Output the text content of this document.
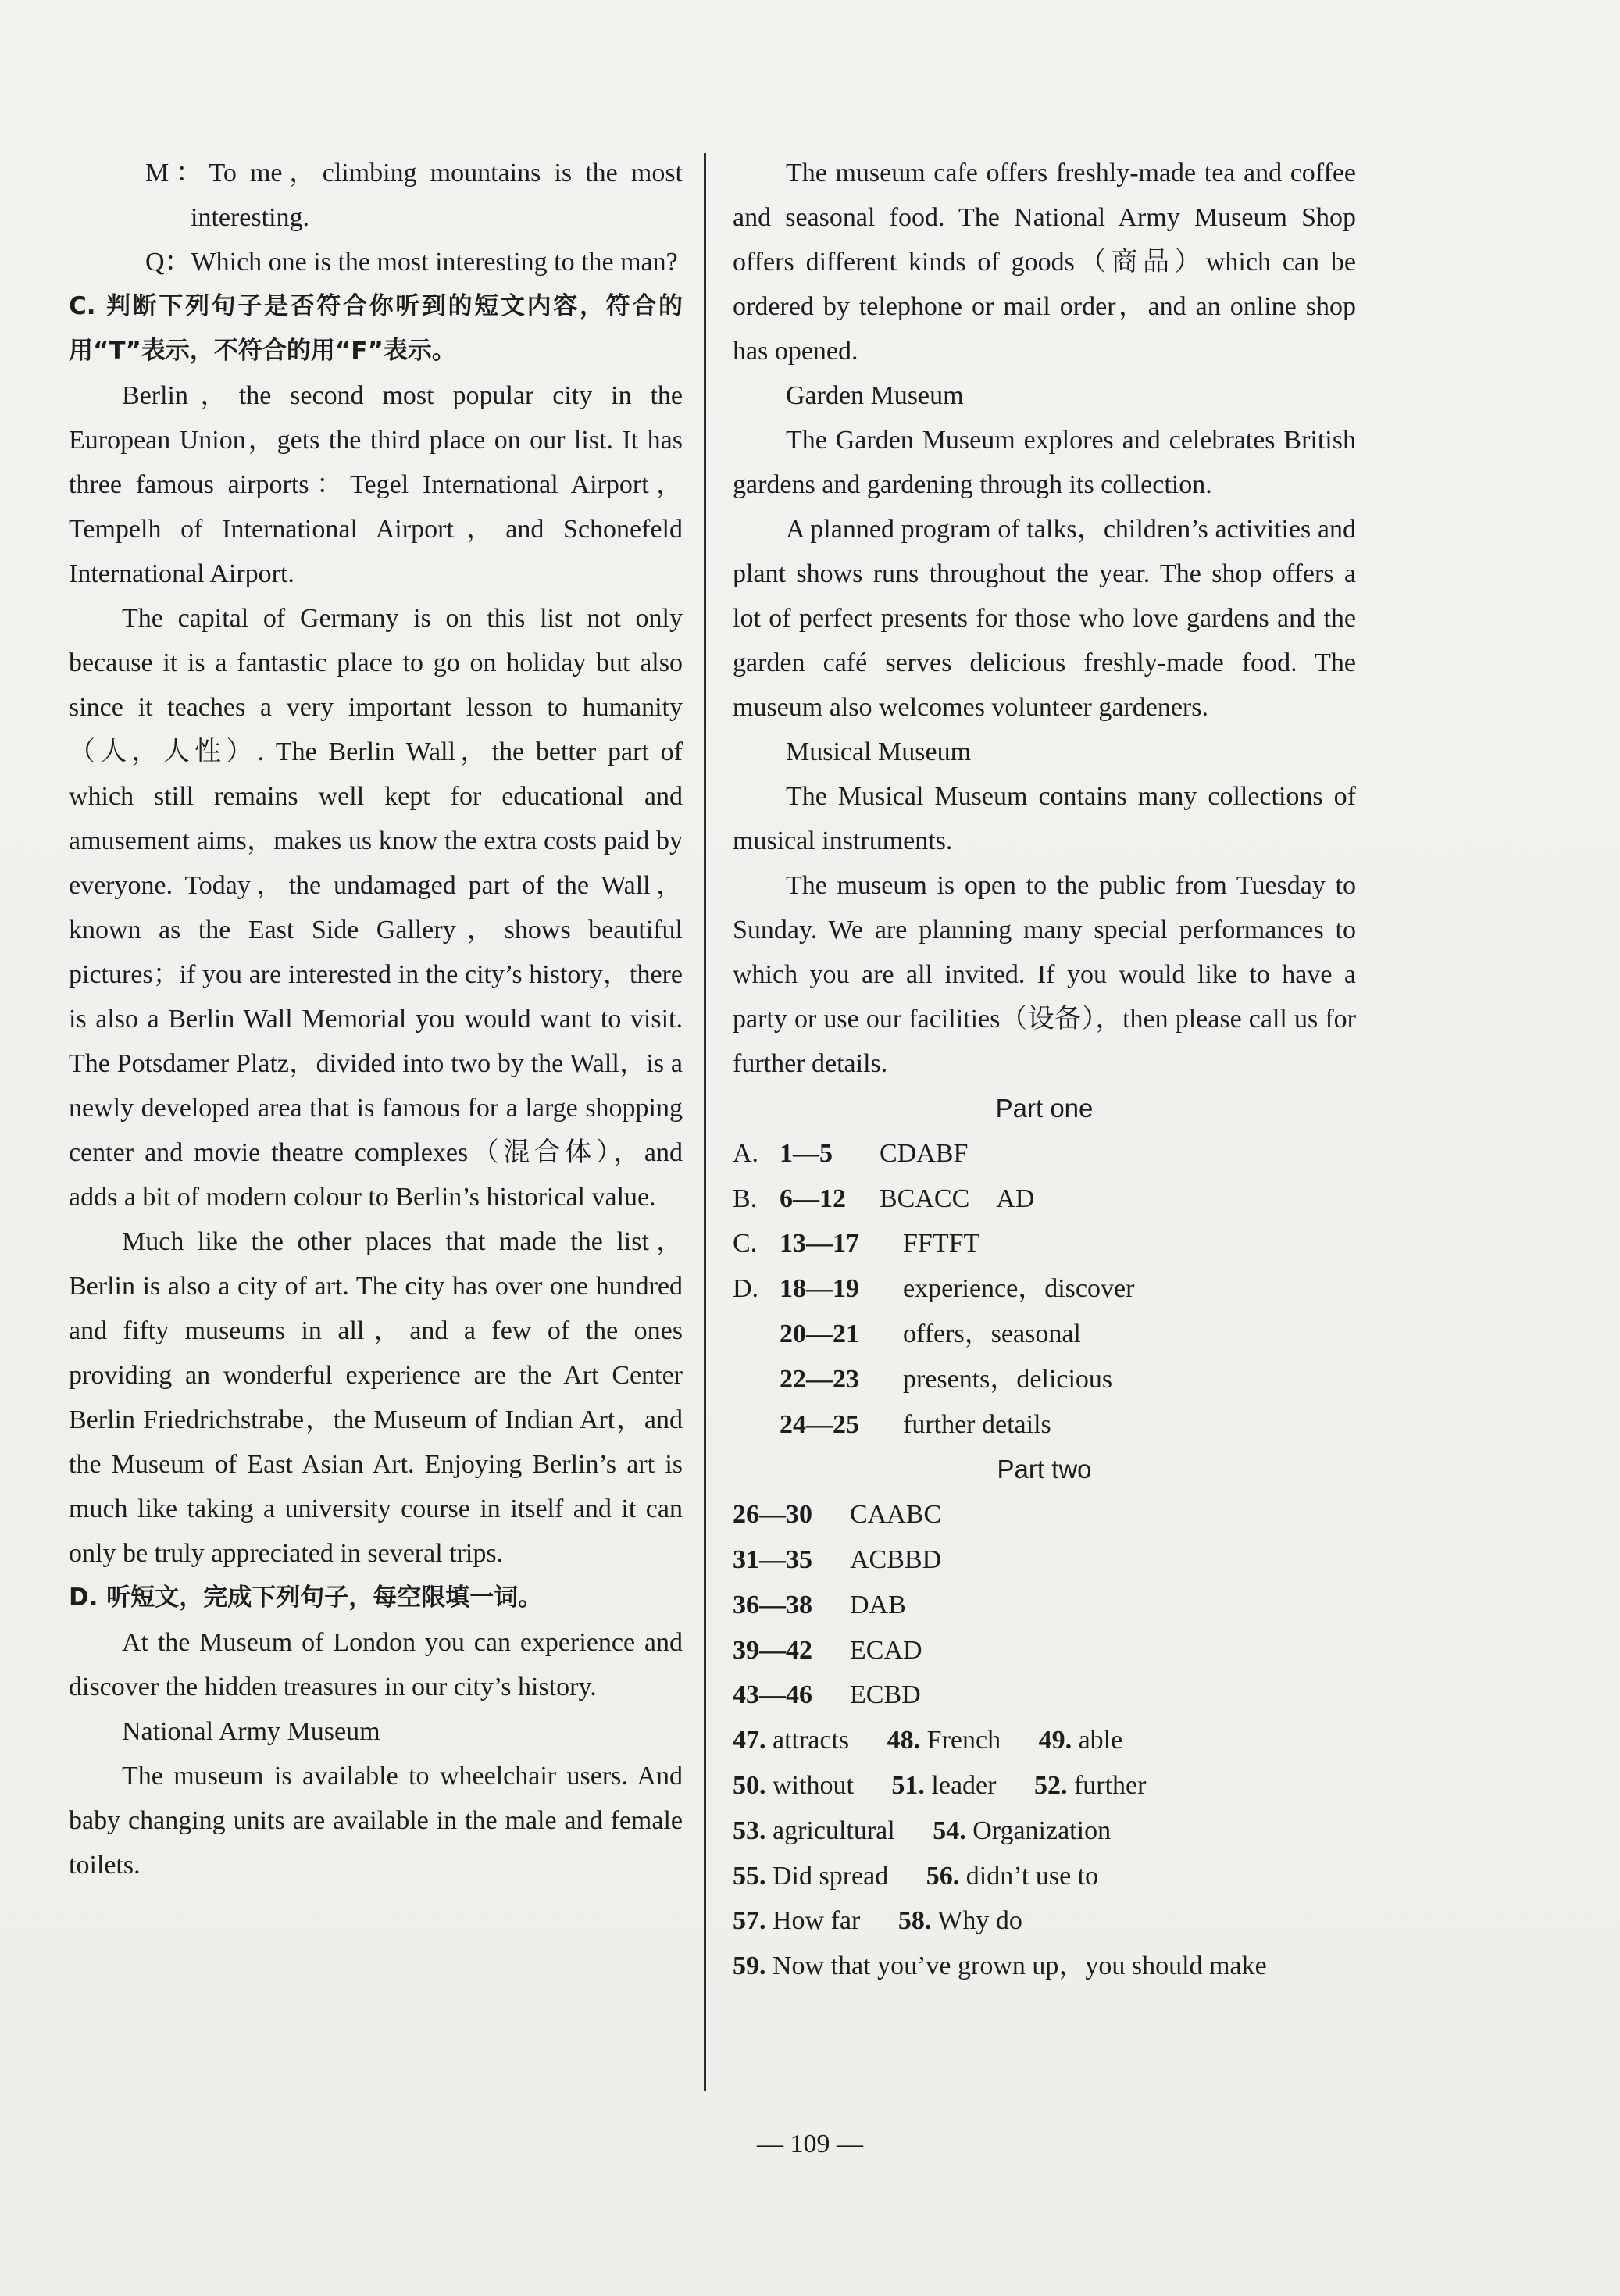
M：To me，climbing mountains is the most interesting.

Q：Which one is the most interesting to the man?

C. 判断下列句子是否符合你听到的短文内容，符合的用“T”表示，不符合的用“F”表示。

Berlin，the second most popular city in the European Union，gets the third place on our list. It has three famous airports：Tegel International Airport，Tempelh of International Airport，and Schonefeld International Airport.

The capital of Germany is on this list not only because it is a fantastic place to go on holiday but also since it teaches a very important lesson to humanity（人，人性）. The Berlin Wall，the better part of which still remains well kept for educational and amusement aims，makes us know the extra costs paid by everyone. Today，the undamaged part of the Wall，known as the East Side Gallery，shows beautiful pictures；if you are interested in the city’s history，there is also a Berlin Wall Memorial you would want to visit. The Potsdamer Platz，divided into two by the Wall，is a newly developed area that is famous for a large shopping center and movie theatre complexes（混合体），and adds a bit of modern colour to Berlin’s historical value.

Much like the other places that made the list，Berlin is also a city of art. The city has over one hundred and fifty museums in all，and a few of the ones providing an wonderful experience are the Art Center Berlin Friedrichstrabe，the Museum of Indian Art，and the Museum of East Asian Art. Enjoying Berlin’s art is much like taking a university course in itself and it can only be truly appreciated in several trips.

D. 听短文，完成下列句子，每空限填一词。

At the Museum of London you can experience and discover the hidden treasures in our city’s history.

National Army Museum

The museum is available to wheelchair users. And baby changing units are available in the male and female toilets.

The museum cafe offers freshly-made tea and coffee and seasonal food. The National Army Museum Shop offers different kinds of goods（商品）which can be ordered by telephone or mail order，and an online shop has opened.

Garden Museum

The Garden Museum explores and celebrates British gardens and gardening through its collection.

A planned program of talks，children’s activities and plant shows runs throughout the year. The shop offers a lot of perfect presents for those who love gardens and the garden café serves delicious freshly-made food. The museum also welcomes volunteer gardeners.

Musical Museum

The Musical Museum contains many collections of musical instruments.

The museum is open to the public from Tuesday to Sunday. We are planning many special performances to which you are all invited. If you would like to have a party or use our facilities（设备），then please call us for further details.

Part one
A. 1—5	CDABF
B. 6—12	BCACC　AD
C. 13—17	FFTFT
D. 18—19	experience，discover
20—21	offers，seasonal
22—23	presents，delicious
24—25	further details
Part two
26—30	CAABC
31—35	ACBBD
36—38	DAB
39—42	ECAD
43—46	ECBD
47. attracts 48. French 49. able
50. without 51. leader 52. further
53. agricultural 54. Organization
55. Did spread 56. didn’t use to
57. How far 58. Why do
59. Now that you’ve grown up，you should make
— 109 —
